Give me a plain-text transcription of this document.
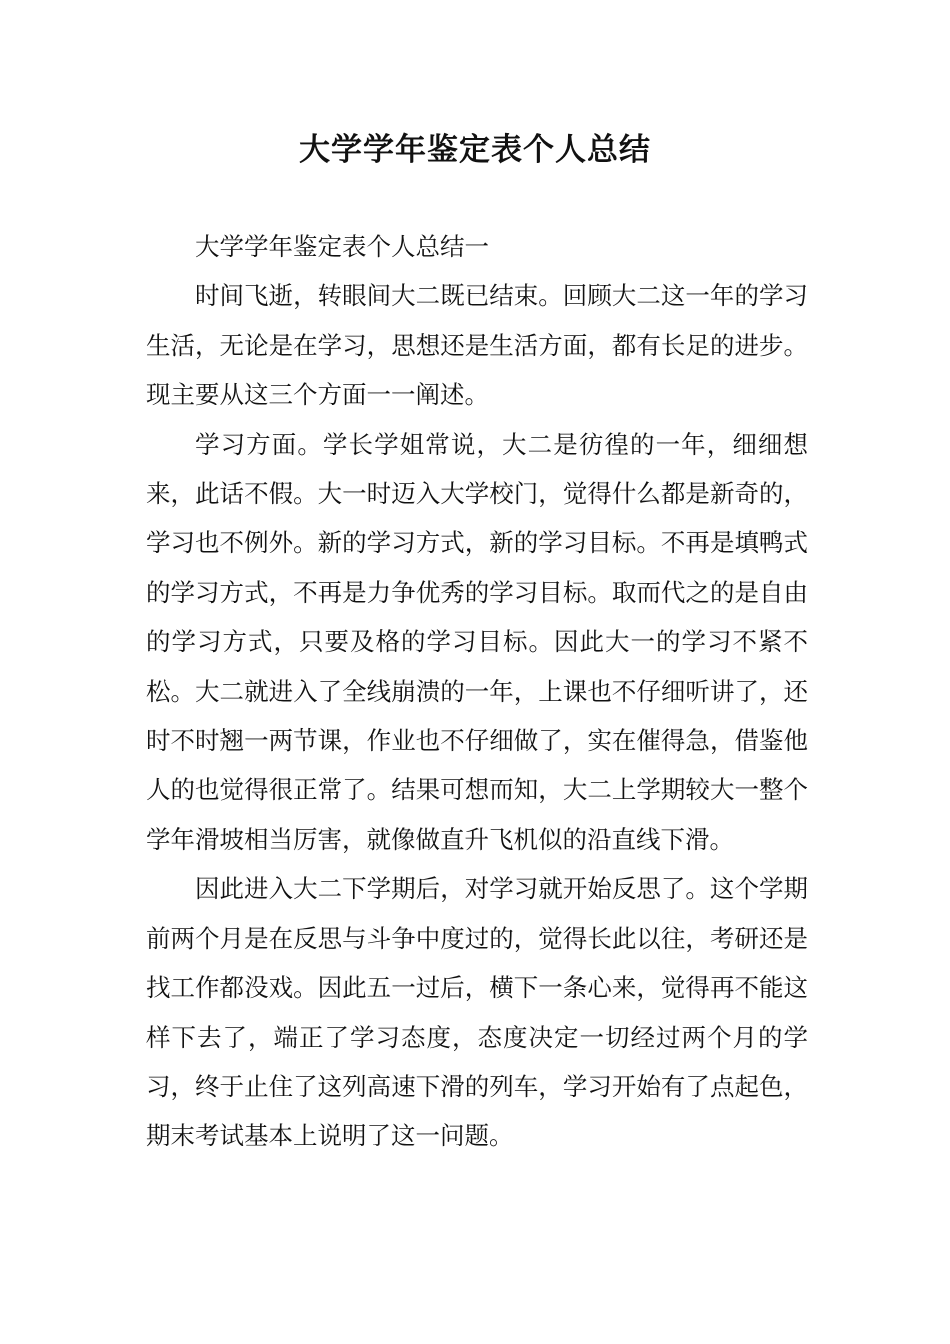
大学学年鉴定表个人总结

大学学年鉴定表个人总结一

时间飞逝，转眼间大二既已结束。回顾大二这一年的学习生活，无论是在学习，思想还是生活方面，都有长足的进步。现主要从这三个方面一一阐述。

学习方面。学长学姐常说，大二是彷徨的一年，细细想来，此话不假。大一时迈入大学校门，觉得什么都是新奇的，学习也不例外。新的学习方式，新的学习目标。不再是填鸭式的学习方式，不再是力争优秀的学习目标。取而代之的是自由的学习方式，只要及格的学习目标。因此大一的学习不紧不松。大二就进入了全线崩溃的一年，上课也不仔细听讲了，还时不时翘一两节课，作业也不仔细做了，实在催得急，借鉴他人的也觉得很正常了。结果可想而知，大二上学期较大一整个学年滑坡相当厉害，就像做直升飞机似的沿直线下滑。

因此进入大二下学期后，对学习就开始反思了。这个学期前两个月是在反思与斗争中度过的，觉得长此以往，考研还是找工作都没戏。因此五一过后，横下一条心来，觉得再不能这样下去了，端正了学习态度，态度决定一切经过两个月的学习，终于止住了这列高速下滑的列车，学习开始有了点起色，期末考试基本上说明了这一问题。
